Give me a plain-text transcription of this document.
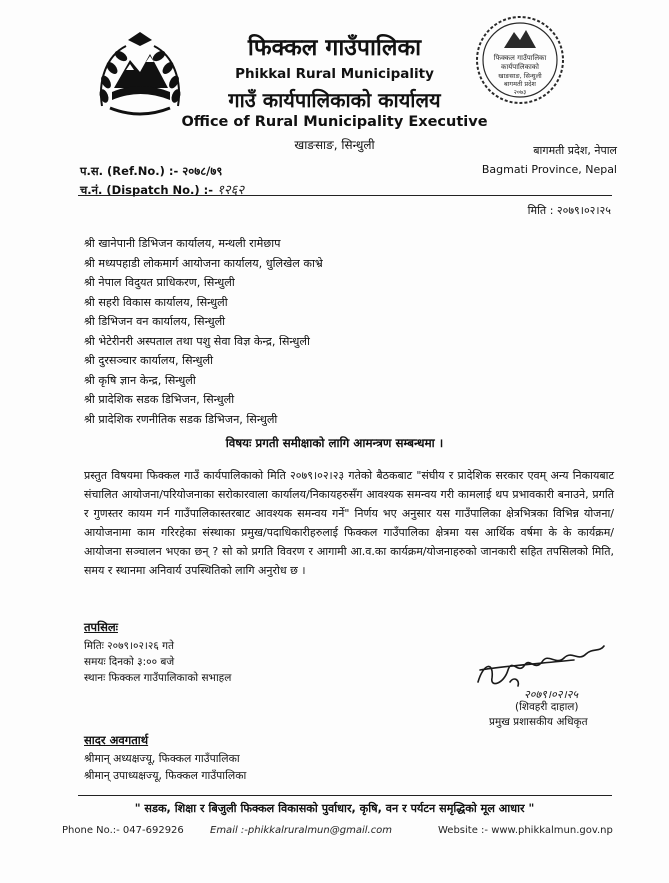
फिक्कल गाउँपालिका
कार्यपालिकाको
खाङसाङ, सिन्धुली
बागमती प्रदेश
२०७३
फिक्कल गाउँपालिका
Phikkal Rural Municipality
गाउँ कार्यपालिकाको कार्यालय
Office of Rural Municipality Executive
खाङसाङ, सिन्धुली	बागमती प्रदेश, नेपाल
Bagmati Province, Nepal
प.स. (Ref.No.) :- २०७८/७९
च.नं. (Dispatch No.) :- १२६२
मिति : २०७९।०२।२५
श्री खानेपानी डिभिजन कार्यालय, मन्थली रामेछाप
श्री मध्यपहाडी लोकमार्ग आयोजना कार्यालय, धुलिखेल काभ्रे
श्री नेपाल विदुयत प्राधिकरण, सिन्धुली
श्री सहरी विकास कार्यालय, सिन्धुली
श्री डिभिजन वन कार्यालय, सिन्धुली
श्री भेटेरीनरी अस्पताल तथा पशु सेवा विज्ञ केन्द्र, सिन्धुली
श्री दुरसञ्चार कार्यालय, सिन्धुली
श्री कृषि ज्ञान केन्द्र, सिन्धुली
श्री प्रादेशिक सडक डिभिजन, सिन्धुली
श्री प्रादेशिक रणनीतिक सडक डिभिजन, सिन्धुली
विषयः प्रगती समीक्षाको लागि आमन्त्रण सम्बन्धमा ।
प्रस्तुत विषयमा फिक्कल गाउँ कार्यपालिकाको मिति २०७९।०२।२३ गतेको बैठकबाट "संघीय र प्रादेशिक सरकार एवम् अन्य निकायबाट संचालित आयोजना/परियोजनाका सरोकारवाला कार्यालय/निकायहरुसँग आवश्यक समन्वय गरी कामलाई थप प्रभावकारी बनाउने, प्रगति र गुणस्तर कायम गर्न गाउँपालिकास्तरबाट आवश्यक समन्वय गर्ने" निर्णय भए अनुसार यस गाउँपालिका क्षेत्रभित्रका विभिन्न योजना/आयोजनामा काम गरिरहेका संस्थाका प्रमुख/पदाधिकारीहरुलाई फिक्कल गाउँपालिका क्षेत्रमा यस आर्थिक वर्षमा के के कार्यक्रम/आयोजना सञ्चालन भएका छन् ? सो को प्रगति विवरण र आगामी आ.व.का कार्यक्रम/योजनाहरुको जानकारी सहित तपसिलको मिति, समय र स्थानमा अनिवार्य उपस्थितिको लागि अनुरोध छ ।
तपसिलः
मितिः २०७९।०२।२६ गते
समयः दिनको ३:०० बजे
स्थानः फिक्कल गाउँपालिकाको सभाहल
२०७९।०२।२५
(शिवहरी दाहाल)
प्रमुख प्रशासकीय अधिकृत
सादर अवगतार्थ
श्रीमान् अध्यक्षज्यू, फिक्कल गाउँपालिका
श्रीमान् उपाध्यक्षज्यू, फिक्कल गाउँपालिका
" सडक, शिक्षा र बिजुली फिक्कल विकासको पुर्वाधार, कृषि, वन र पर्यटन समृद्धिको मूल आधार "
Phone No.:- 047-692926	Email :-phikkalruralmun@gmail.com	Website :- www.phikkalmun.gov.np
